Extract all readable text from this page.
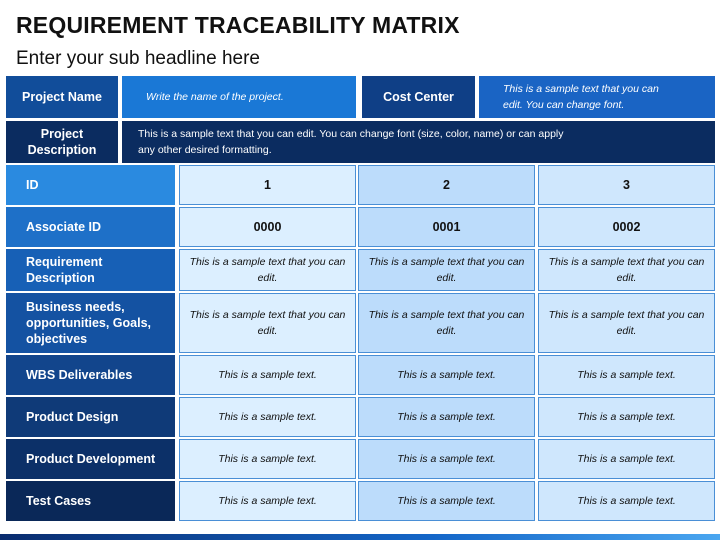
REQUIREMENT TRACEABILITY MATRIX
Enter your sub headline here
Project Name	Write the name of the project.	Cost Center
This is a sample text that you can edit. You can change font.
Project Description
This is a sample text that you can edit. You can change font (size, color, name) or can apply any other desired formatting.
ID
Associate ID
Requirement Description
Business needs, opportunities, Goals, objectives
WBS Deliverables
Product Design
Product Development
Test Cases
1
0000
This is a sample text that you can edit.
This is a sample text that you can edit.
This is a sample text.
This is a sample text.
This is a sample text.
This is a sample text.
2
0001
This is a sample text that you can edit.
This is a sample text that you can edit.
This is a sample text.
This is a sample text.
This is a sample text.
This is a sample text.
3
0002
This is a sample text that you can edit.
This is a sample text that you can edit.
This is a sample text.
This is a sample text.
This is a sample text.
This is a sample text.
